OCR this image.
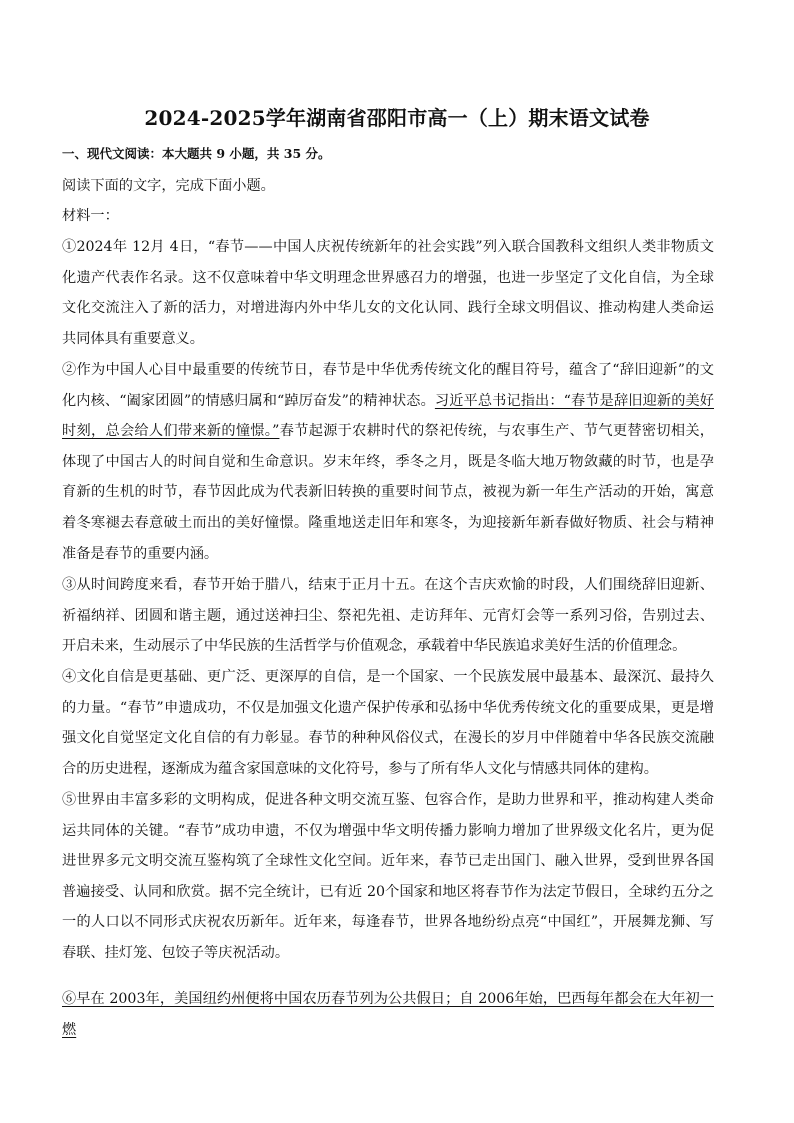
2024-2025学年湖南省邵阳市高一（上）期末语文试卷
一、现代文阅读：本大题共 9 小题，共 35 分。
阅读下面的文字，完成下面小题。
材料一：
①2024年 12月 4日，“春节——中国人庆祝传统新年的社会实践”列入联合国教科文组织人类非物质文化遗产代表作名录。这不仅意味着中华文明理念世界感召力的增强，也进一步坚定了文化自信，为全球文化交流注入了新的活力，对增进海内外中华儿女的文化认同、践行全球文明倡议、推动构建人类命运共同体具有重要意义。
②作为中国人心目中最重要的传统节日，春节是中华优秀传统文化的醒目符号，蕴含了“辞旧迎新”的文化内核、“阖家团圆”的情感归属和“踔厉奋发”的精神状态。习近平总书记指出：“春节是辞旧迎新的美好时刻，总会给人们带来新的憧憬。”春节起源于农耕时代的祭祀传统，与农事生产、节气更替密切相关，体现了中国古人的时间自觉和生命意识。岁末年终，季冬之月，既是冬临大地万物敛藏的时节，也是孕育新的生机的时节，春节因此成为代表新旧转换的重要时间节点，被视为新一年生产活动的开始，寓意着冬寒褪去春意破土而出的美好憧憬。隆重地送走旧年和寒冬，为迎接新年新春做好物质、社会与精神准备是春节的重要内涵。
③从时间跨度来看，春节开始于腊八，结束于正月十五。在这个吉庆欢愉的时段，人们围绕辞旧迎新、祈福纳祥、团圆和谐主题，通过送神扫尘、祭祀先祖、走访拜年、元宵灯会等一系列习俗，告别过去、开启未来，生动展示了中华民族的生活哲学与价值观念，承载着中华民族追求美好生活的价值理念。
④文化自信是更基础、更广泛、更深厚的自信，是一个国家、一个民族发展中最基本、最深沉、最持久的力量。“春节”申遗成功，不仅是加强文化遗产保护传承和弘扬中华优秀传统文化的重要成果，更是增强文化自觉坚定文化自信的有力彰显。春节的种种风俗仪式，在漫长的岁月中伴随着中华各民族交流融合的历史进程，逐渐成为蕴含家国意味的文化符号，参与了所有华人文化与情感共同体的建构。
⑤世界由丰富多彩的文明构成，促进各种文明交流互鉴、包容合作，是助力世界和平，推动构建人类命运共同体的关键。“春节”成功申遗，不仅为增强中华文明传播力影响力增加了世界级文化名片，更为促进世界多元文明交流互鉴构筑了全球性文化空间。近年来，春节已走出国门、融入世界，受到世界各国普遍接受、认同和欣赏。据不完全统计，已有近 20个国家和地区将春节作为法定节假日，全球约五分之一的人口以不同形式庆祝农历新年。近年来，每逢春节，世界各地纷纷点亮“中国红”，开展舞龙狮、写春联、挂灯笼、包饺子等庆祝活动。
⑥早在 2003年，美国纽约州便将中国农历春节列为公共假日；自 2006年始，巴西每年都会在大年初一燃
